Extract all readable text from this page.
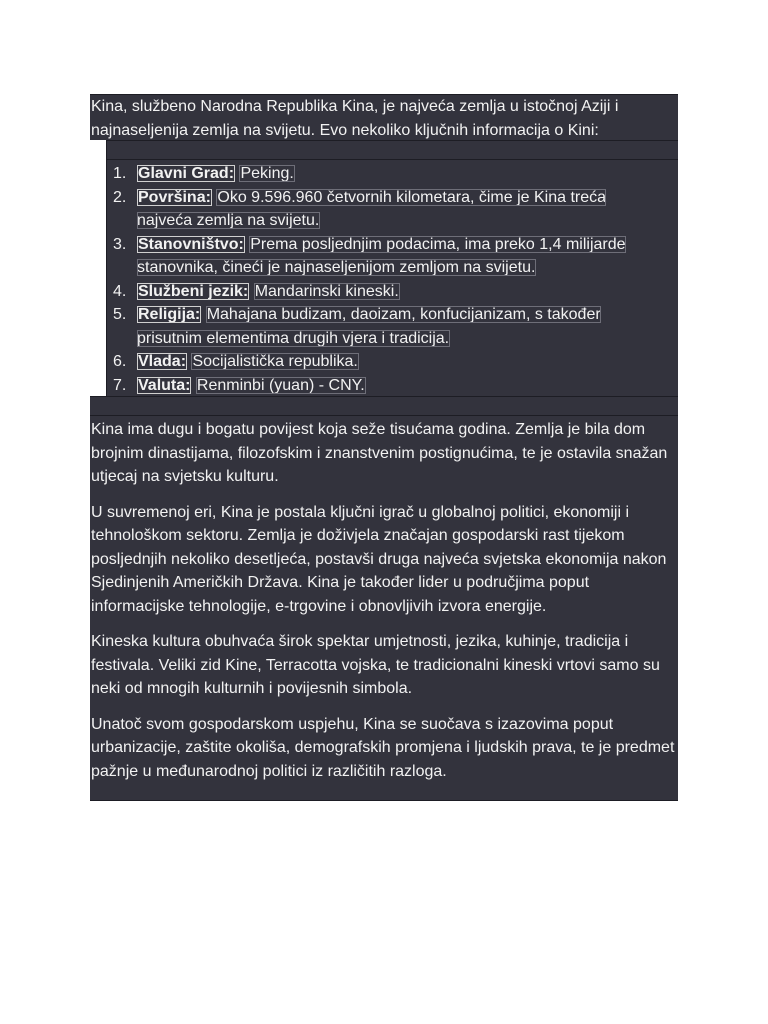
Kina, službeno Narodna Republika Kina, je najveća zemlja u istočnoj Aziji i najnaseljenija zemlja na svijetu. Evo nekoliko ključnih informacija o Kini:

1. Glavni Grad: Peking.
2. Površina: Oko 9.596.960 četvornih kilometara, čime je Kina treća najveća zemlja na svijetu.
3. Stanovništvo: Prema posljednjim podacima, ima preko 1,4 milijarde stanovnika, čineći je najnaseljenijom zemljom na svijetu.
4. Službeni jezik: Mandarinski kineski.
5. Religija: Mahajana budizam, daoizam, konfucijanizam, s također prisutnim elementima drugih vjera i tradicija.
6. Vlada: Socijalistička republika.
7. Valuta: Renminbi (yuan) - CNY.

Kina ima dugu i bogatu povijest koja seže tisućama godina. Zemlja je bila dom brojnim dinastijama, filozofskim i znanstvenim postignućima, te je ostavila snažan utjecaj na svjetsku kulturu.

U suvremenoj eri, Kina je postala ključni igrač u globalnoj politici, ekonomiji i tehnološkom sektoru. Zemlja je doživjela značajan gospodarski rast tijekom posljednjih nekoliko desetljeća, postavši druga najveća svjetska ekonomija nakon Sjedinjenih Američkih Država. Kina je također lider u područjima poput informacijske tehnologije, e-trgovine i obnovljivih izvora energije.

Kineska kultura obuhvaća širok spektar umjetnosti, jezika, kuhinje, tradicija i festivala. Veliki zid Kine, Terracotta vojska, te tradicionalni kineski vrtovi samo su neki od mnogih kulturnih i povijesnih simbola.

Unatoč svom gospodarskom uspjehu, Kina se suočava s izazovima poput urbanizacije, zaštite okoliša, demografskih promjena i ljudskih prava, te je predmet pažnje u međunarodnoj politici iz različitih razloga.
